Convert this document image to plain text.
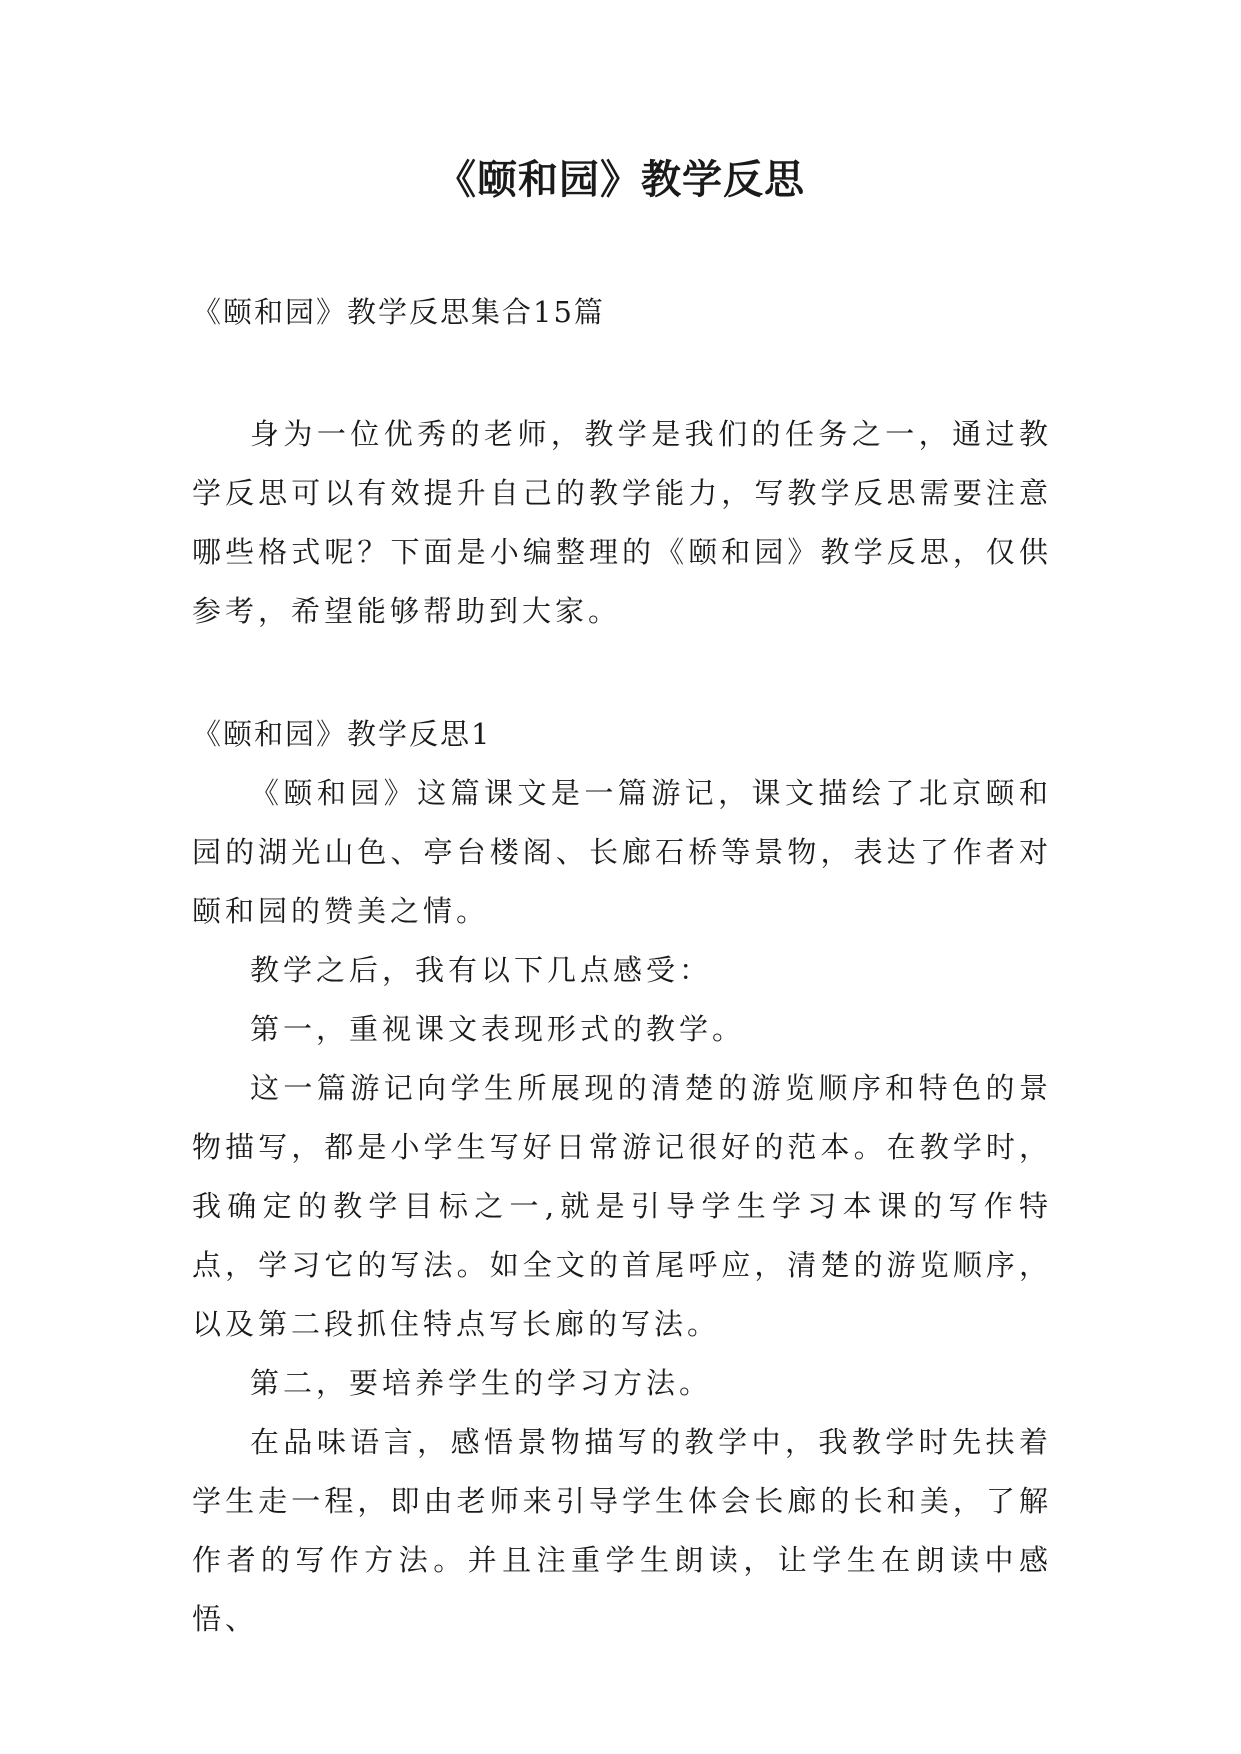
《颐和园》教学反思

《颐和园》教学反思集合15篇

身为一位优秀的老师，教学是我们的任务之一，通过教学反思可以有效提升自己的教学能力，写教学反思需要注意哪些格式呢？下面是小编整理的《颐和园》教学反思，仅供参考，希望能够帮助到大家。

《颐和园》教学反思1

《颐和园》这篇课文是一篇游记，课文描绘了北京颐和园的湖光山色、亭台楼阁、长廊石桥等景物，表达了作者对颐和园的赞美之情。

教学之后，我有以下几点感受：

第一，重视课文表现形式的教学。

这一篇游记向学生所展现的清楚的游览顺序和特色的景物描写，都是小学生写好日常游记很好的范本。在教学时，我确定的教学目标之一,就是引导学生学习本课的写作特点，学习它的写法。如全文的首尾呼应，清楚的游览顺序，以及第二段抓住特点写长廊的写法。

第二，要培养学生的学习方法。

在品味语言，感悟景物描写的教学中，我教学时先扶着学生走一程，即由老师来引导学生体会长廊的长和美，了解作者的写作方法。并且注重学生朗读，让学生在朗读中感悟、
